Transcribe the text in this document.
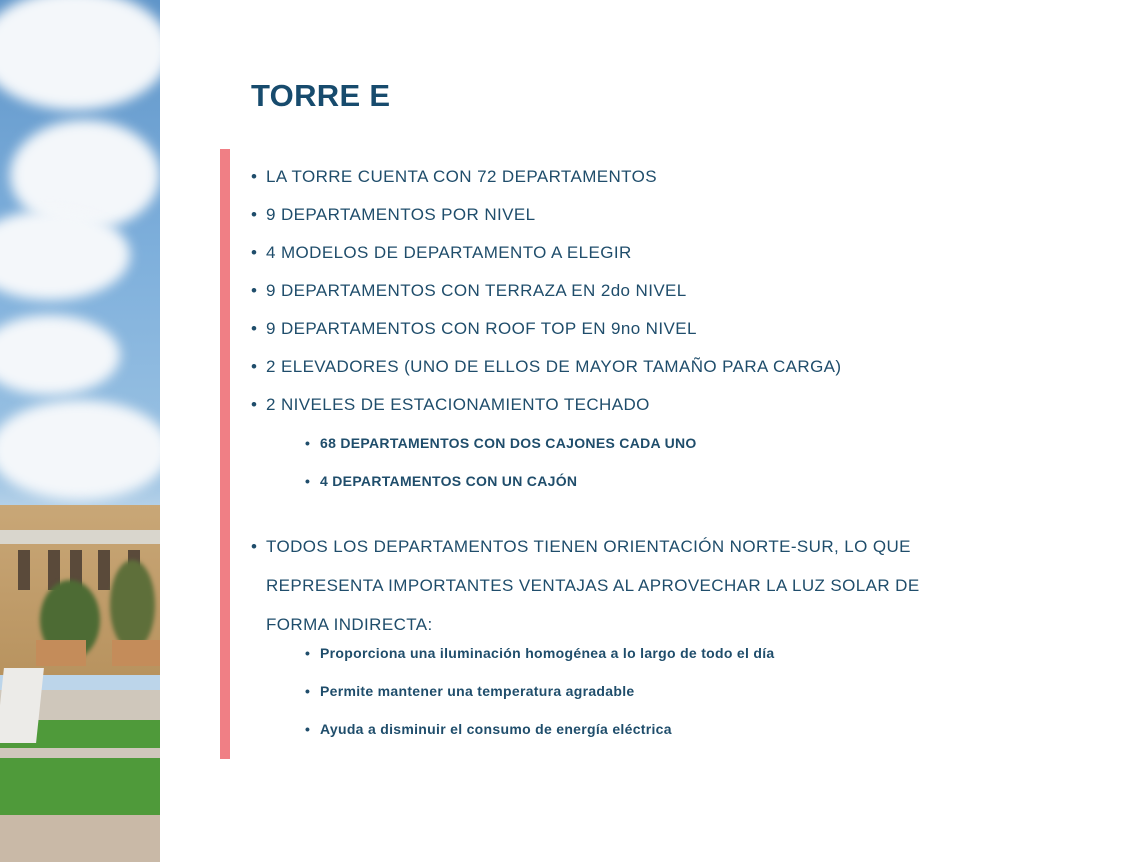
TORRE E
• LA TORRE CUENTA CON 72 DEPARTAMENTOS
• 9 DEPARTAMENTOS POR NIVEL
• 4 MODELOS DE DEPARTAMENTO A ELEGIR
• 9 DEPARTAMENTOS CON TERRAZA EN 2do NIVEL
• 9 DEPARTAMENTOS CON ROOF TOP EN 9no NIVEL
• 2 ELEVADORES (UNO DE ELLOS DE MAYOR TAMAÑO PARA CARGA)
• 2 NIVELES DE ESTACIONAMIENTO TECHADO
• 68 DEPARTAMENTOS CON DOS CAJONES CADA UNO
• 4 DEPARTAMENTOS CON UN CAJÓN
• TODOS LOS DEPARTAMENTOS TIENEN ORIENTACIÓN NORTE-SUR, LO QUE REPRESENTA IMPORTANTES VENTAJAS AL APROVECHAR LA LUZ SOLAR DE FORMA INDIRECTA:
• Proporciona una iluminación homogénea a lo largo de todo el día
• Permite mantener una temperatura agradable
• Ayuda a disminuir el consumo de energía eléctrica
